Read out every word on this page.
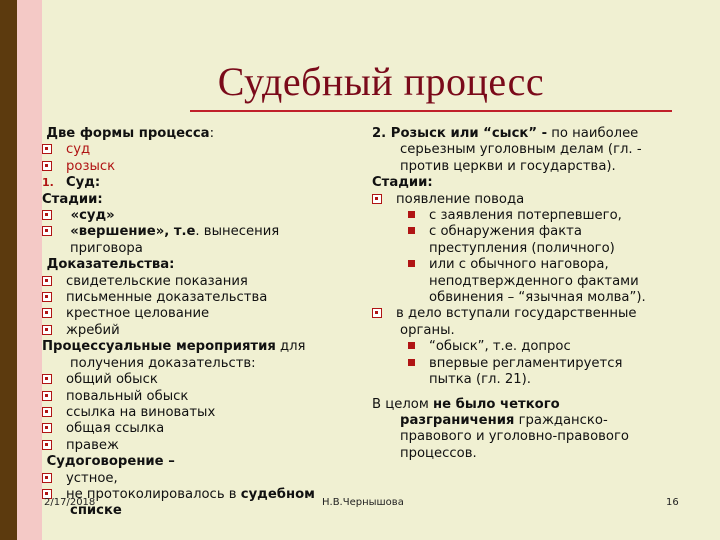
Судебный процесс
Две формы процесса:
суд
розыск
1. Суд:
Стадии:
«суд»
«вершение», т.е. вынесения
приговора
Доказательства:
свидетельские показания
письменные доказательства
крестное целование
жребий
Процессуальные мероприятия для
получения доказательств:
общий обыск
повальный обыск
ссылка на виноватых
общая ссылка
правеж
Судоговорение –
устное,
не протоколировалось в судебном
списке
2. Розыск или “сыск” - по наиболее
серьезным уголовным делам (гл. -
против церкви и государства).
Стадии:
появление повода
с заявления потерпевшего,
с обнаружения факта
преступления (поличного)
или с обычного наговора,
неподтвержденного фактами
обвинения – “язычная молва”).
в дело вступали государственные
органы.
“обыск”, т.е. допрос
впервые регламентируется
пытка (гл. 21).
В целом не было четкого
разграничения гражданско-
правового и уголовно-правового
процессов.
2/17/2018	Н.В.Чернышова	16
